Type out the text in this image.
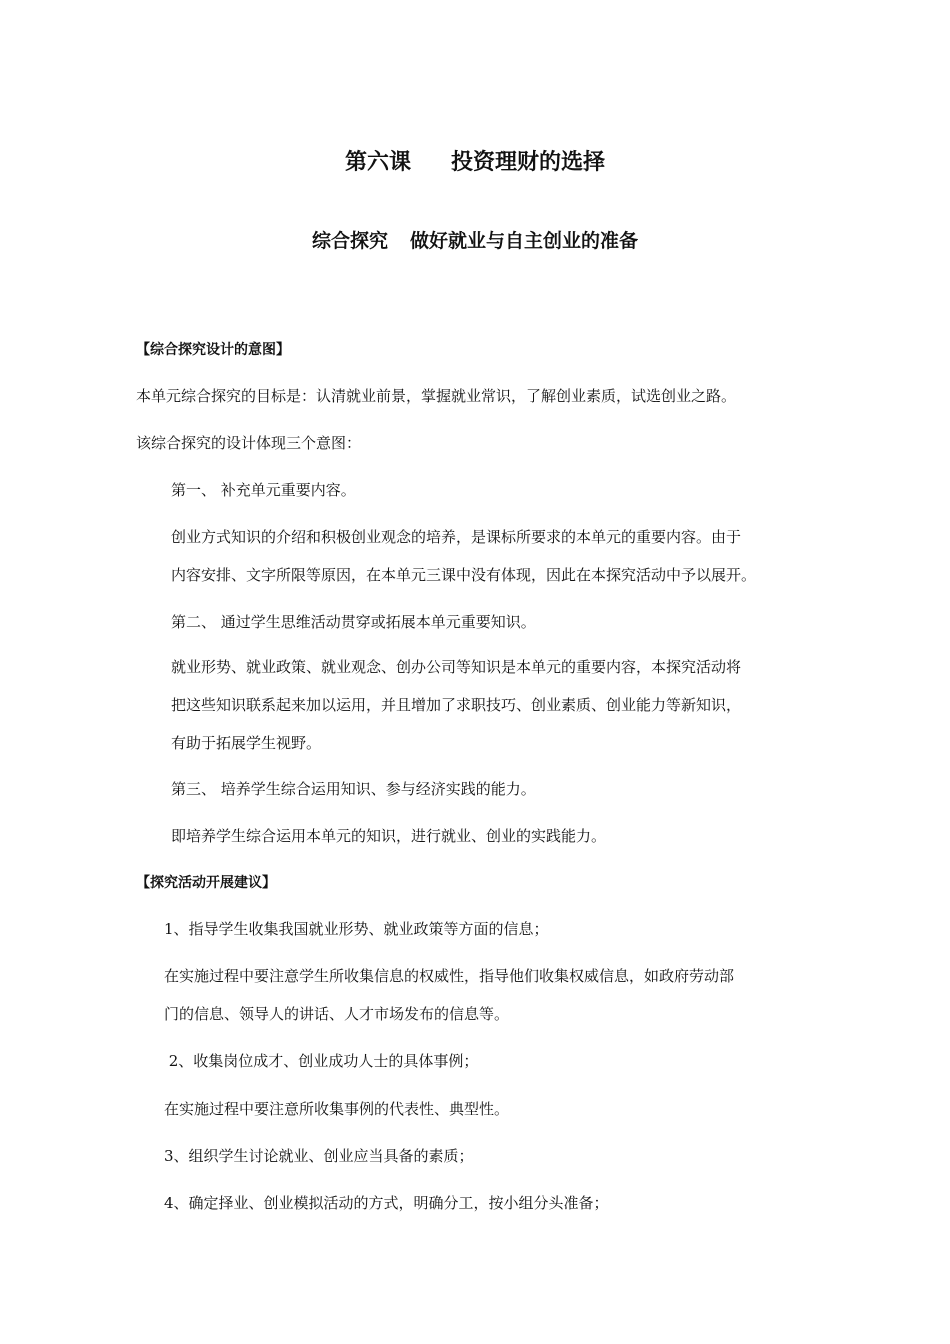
第六课 投资理财的选择
综合探究 做好就业与自主创业的准备
【综合探究设计的意图】
本单元综合探究的目标是：认清就业前景，掌握就业常识，了解创业素质，试选创业之路。
该综合探究的设计体现三个意图：
第一、 补充单元重要内容。
创业方式知识的介绍和积极创业观念的培养，是课标所要求的本单元的重要内容。由于
内容安排、文字所限等原因，在本单元三课中没有体现，因此在本探究活动中予以展开。
第二、 通过学生思维活动贯穿或拓展本单元重要知识。
就业形势、就业政策、就业观念、创办公司等知识是本单元的重要内容，本探究活动将
把这些知识联系起来加以运用，并且增加了求职技巧、创业素质、创业能力等新知识，
有助于拓展学生视野。
第三、 培养学生综合运用知识、参与经济实践的能力。
即培养学生综合运用本单元的知识，进行就业、创业的实践能力。
【探究活动开展建议】
1、指导学生收集我国就业形势、就业政策等方面的信息；
在实施过程中要注意学生所收集信息的权威性，指导他们收集权威信息，如政府劳动部
门的信息、领导人的讲话、人才市场发布的信息等。
2、收集岗位成才、创业成功人士的具体事例；
在实施过程中要注意所收集事例的代表性、典型性。
3、组织学生讨论就业、创业应当具备的素质；
4、确定择业、创业模拟活动的方式，明确分工，按小组分头准备；
